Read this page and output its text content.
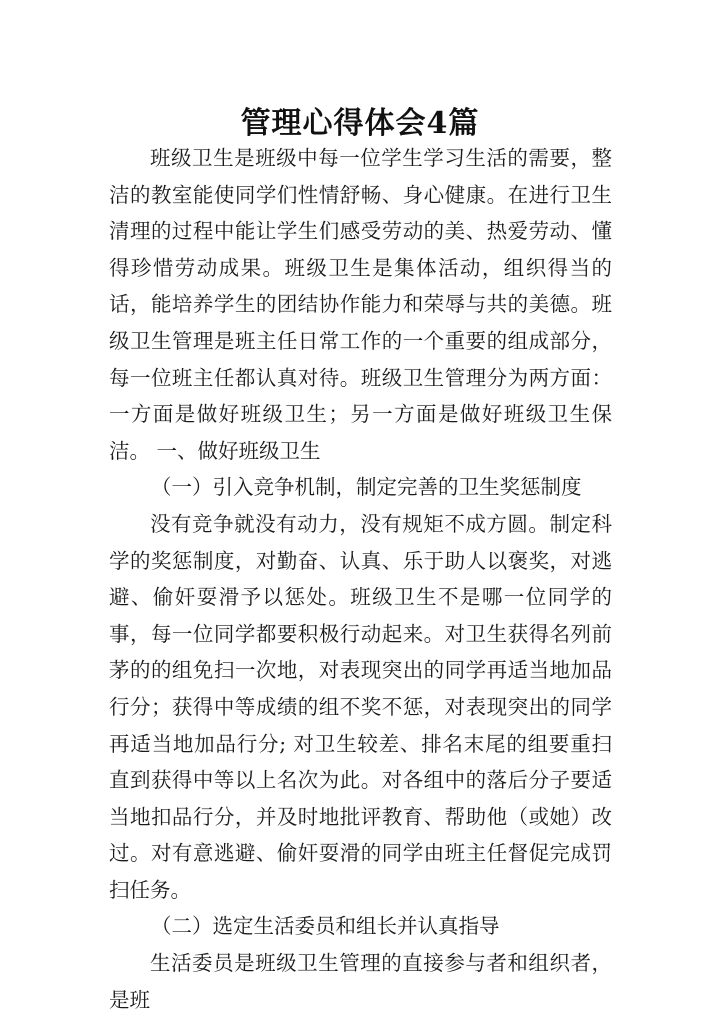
管理心得体会4篇

班级卫生是班级中每一位学生学习生活的需要，整洁的教室能使同学们性情舒畅、身心健康。在进行卫生清理的过程中能让学生们感受劳动的美、热爱劳动、懂得珍惜劳动成果。班级卫生是集体活动，组织得当的话，能培养学生的团结协作能力和荣辱与共的美德。班级卫生管理是班主任日常工作的一个重要的组成部分，每一位班主任都认真对待。班级卫生管理分为两方面：一方面是做好班级卫生；另一方面是做好班级卫生保洁。 一、做好班级卫生

（一）引入竞争机制，制定完善的卫生奖惩制度

没有竞争就没有动力，没有规矩不成方圆。制定科学的奖惩制度，对勤奋、认真、乐于助人以褒奖，对逃避、偷奸耍滑予以惩处。班级卫生不是哪一位同学的事，每一位同学都要积极行动起来。对卫生获得名列前茅的的组免扫一次地，对表现突出的同学再适当地加品行分；获得中等成绩的组不奖不惩，对表现突出的同学再适当地加品行分; 对卫生较差、排名末尾的组要重扫直到获得中等以上名次为此。对各组中的落后分子要适当地扣品行分，并及时地批评教育、帮助他（或她）改过。对有意逃避、偷奸耍滑的同学由班主任督促完成罚扫任务。

（二）选定生活委员和组长并认真指导

生活委员是班级卫生管理的直接参与者和组织者，是班
